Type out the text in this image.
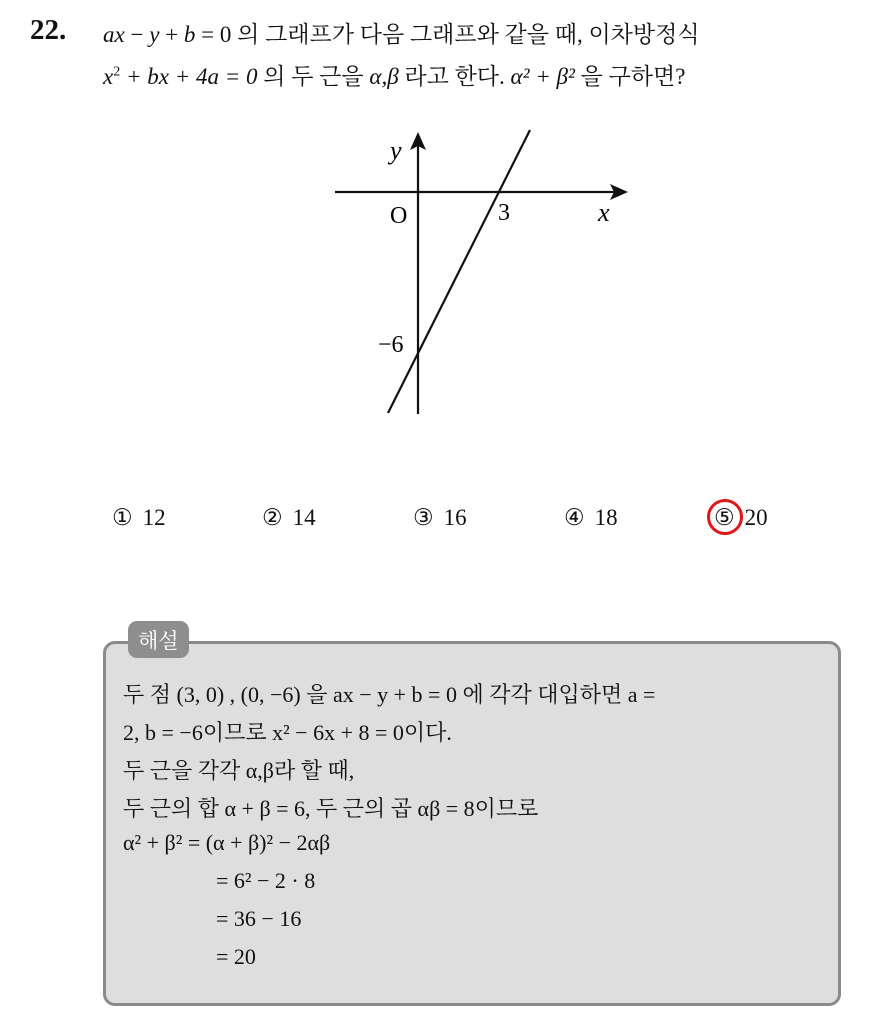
22. ax − y + b = 0 의 그래프가 다음 그래프와 같을 때, 이차방정식
$x^2$ + bx + 4a = 0 의 두 근을 α,β 라고 한다. α² + β² 을 구하면?
y
x
O	3
−6
① 12	② 14	③ 16	④ 18	⑤ 20
해설
두 점 (3, 0) , (0, −6) 을 ax − y + b = 0 에 각각 대입하면 a =
2, b = −6이므로 x² − 6x + 8 = 0이다.
두 근을 각각 α,β라 할 때,
두 근의 합 α + β = 6, 두 근의 곱 αβ = 8이므로
α² + β² = (α + β)² − 2αβ
= 6² − 2 · 8
= 36 − 16
= 20
